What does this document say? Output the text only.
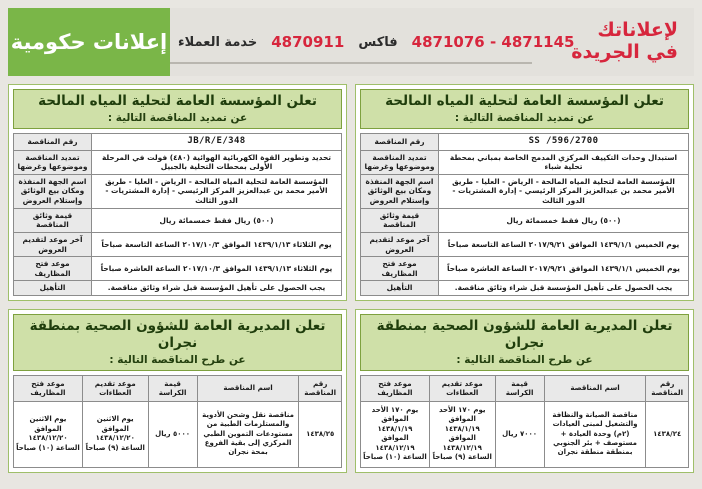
لإعلاناتك
في الجريدة
4871076 - 4871145
فاكس
4870911
خدمة العملاء
إعلانات حكومية
تعلن المؤسسة العامة لتحلية المياه المالحة
عن تمديد المناقصة التالية :
2700/SS /596	رقم المناقصة
استبدال وحدات التكييف المركزي المدمج الخاصة بمباني بمحطة تحلية شباء	تمديد المناقصة وموضوعها وغرضها
المؤسسة العامة لتحلية المياه المالحة - الرياض - العليا - طريق الأمير محمد بن عبدالعزيز المركز الرئيسي - إدارة المشتريات - الدور الثالث	اسم الجهة المنفذة ومكان بيع الوثائق وإستلام العروض
(٥٠٠) ريال فقط خمسمائة ريال	قيمة وثائق المناقصة
يوم الخميس ١٤٣٩/١/١ الموافق ٢٠١٧/٩/٢١ الساعة التاسعة صباحاً	آخر موعد لتقديم العروض
يوم الخميس ١٤٣٩/١/١ الموافق ٢٠١٧/٩/٢١ الساعة العاشرة صباحاً	موعد فتح المظاريف
يجب الحصول على تأهيل المؤسسة قبل شراء وثائق مناقصة.	التأهيل
تعلن المؤسسة العامة لتحلية المياه المالحة
عن تمديد المناقصة التالية :
JB/R/E/348	رقم المناقصة
تحديد وتطوير القوة الكهربائية الهوائية (٤٨٠) فولت في المرحلة الأولى بمحطات التحلية بالجبيل	تمديد المناقصة وموضوعها وغرضها
المؤسسة العامة لتحلية المياه المالحة - الرياض - العليا - طريق الأمير محمد بن عبدالعزيز المركز الرئيسي - إدارة المشتريات - الدور الثالث	اسم الجهة المنفذة ومكان بيع الوثائق وإستلام العروض
(٥٠٠) ريال فقط خمسمائة ريال	قيمة وثائق المناقصة
يوم الثلاثاء ١٤٣٩/١/١٣ الموافق ٢٠١٧/١٠/٣ الساعة التاسعة صباحاً	آخر موعد لتقديم العروض
يوم الثلاثاء ١٤٣٩/١/١٣ الموافق ٢٠١٧/١٠/٣ الساعة العاشرة صباحاً	موعد فتح المظاريف
يجب الحصول على تأهيل المؤسسة قبل شراء وثائق مناقصة.	التأهيل
تعلن المديرية العامة للشؤون الصحية بمنطقة نجران
عن طرح المناقصة التالية :
رقم المناقصة	اسم المناقصة	قيمة الكراسة	موعد تقديم العطاءات	موعد فتح المظاريف
١٤٣٨/٢٤	مناقصة الصيانة والنظافة والتشغيل لمبنى العيادات (٢م) وحدة العيادة + مستوصف + بئر الجنوبي بمنطقة منطقة نجران	٧٠٠٠ ريال	يوم ١٧٠ الأحد الموافق ١٤٣٨/١/١٩ الموافق ١٤٣٨/١٢/١٩ الساعة (٩) صباحاً	يوم ١٧٠ الأحد الموافق ١٤٣٨/١/١٩ الموافق ١٤٣٨/١٢/١٩ الساعة (١٠) صباحاً
تعلن المديرية العامة للشؤون الصحية بمنطقة نجران
عن طرح المناقصة التالية :
رقم المناقصة	اسم المناقصة	قيمة الكراسة	موعد تقديم العطاءات	موعد فتح المظاريف
١٤٣٨/٢٥	مناقصة نقل وشحن الأدوية والمستلزمات الطبية من مستودعات التموين الطبي المركزي إلى بقية الفروع بمحة نجران	٥٠٠٠ ريال	يوم الاثنين الموافق ١٤٣٨/١٢/٢٠ الساعة (٩) صباحاً	يوم الاثنين الموافق ١٤٣٨/١٢/٢٠ الساعة (١٠) صباحاً
